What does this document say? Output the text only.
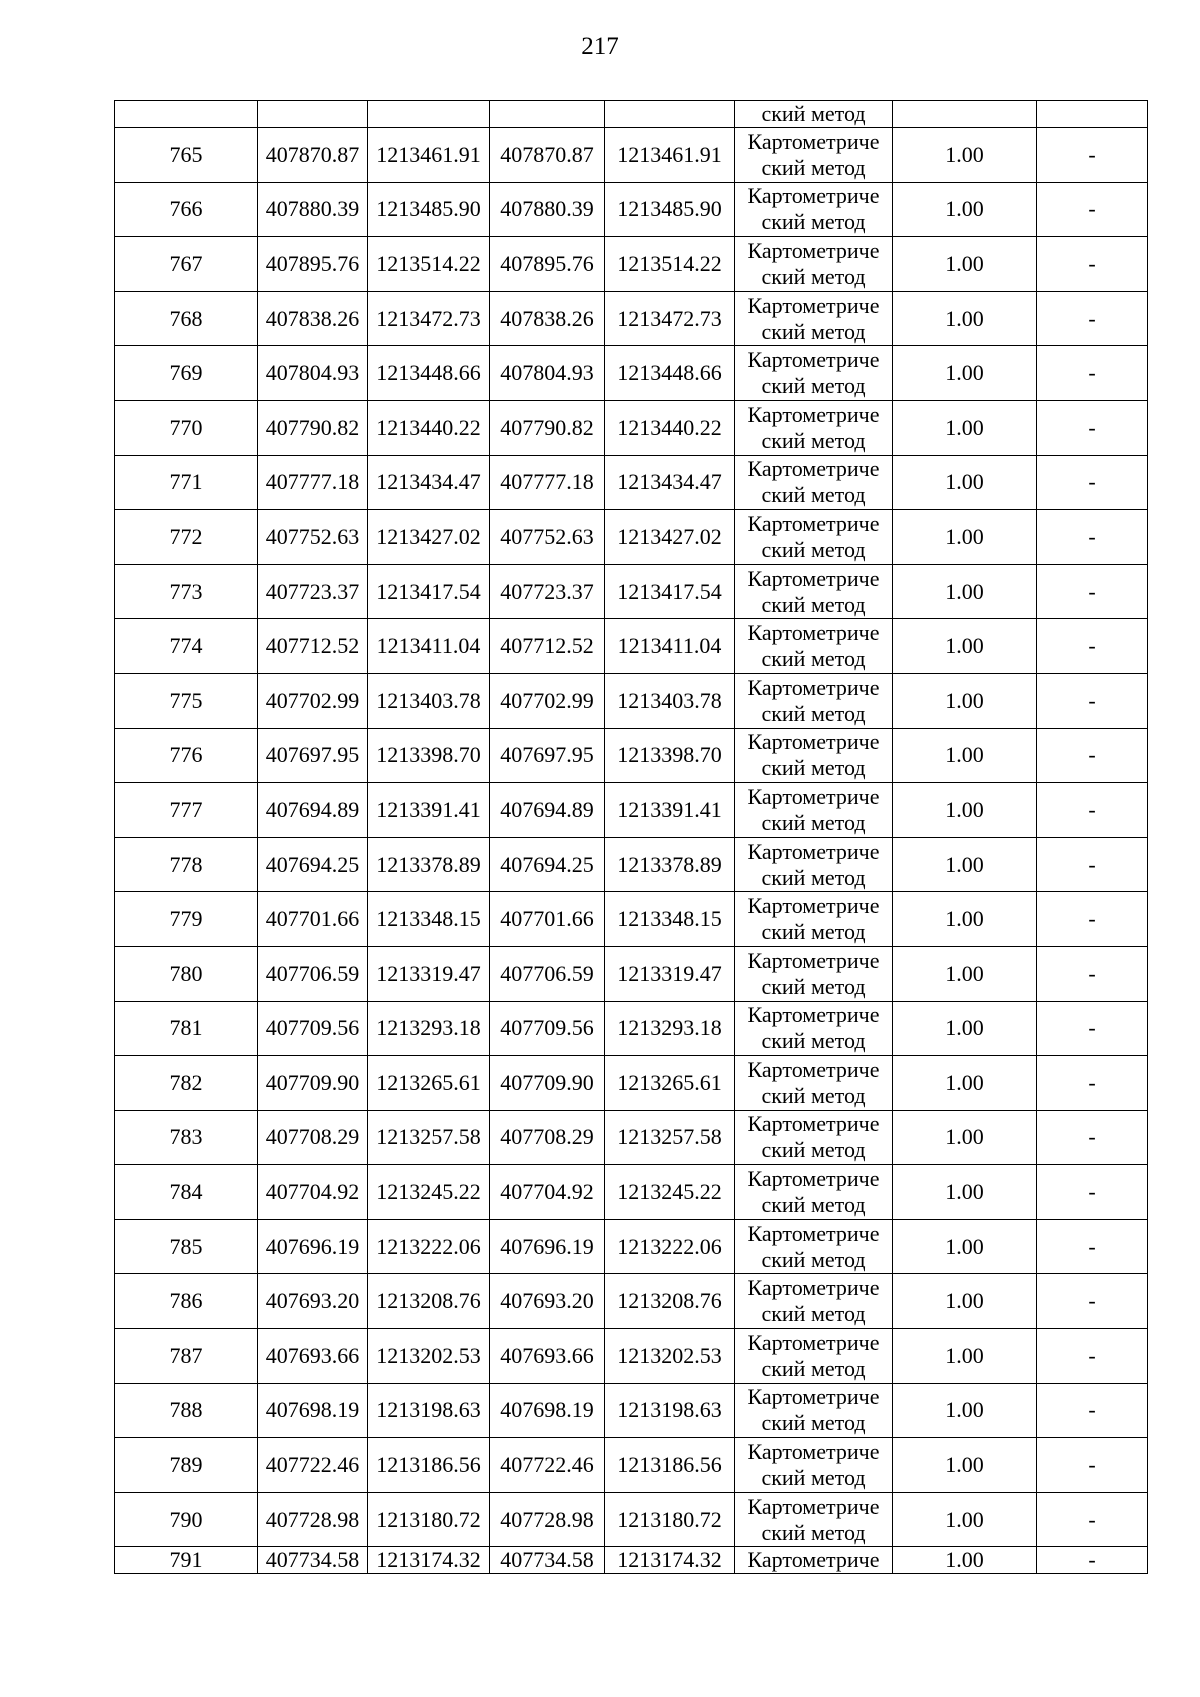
217
					ский метод		
765	407870.87	1213461.91	407870.87	1213461.91	Картометриче
ский метод	1.00	-
766	407880.39	1213485.90	407880.39	1213485.90	Картометриче
ский метод	1.00	-
767	407895.76	1213514.22	407895.76	1213514.22	Картометриче
ский метод	1.00	-
768	407838.26	1213472.73	407838.26	1213472.73	Картометриче
ский метод	1.00	-
769	407804.93	1213448.66	407804.93	1213448.66	Картометриче
ский метод	1.00	-
770	407790.82	1213440.22	407790.82	1213440.22	Картометриче
ский метод	1.00	-
771	407777.18	1213434.47	407777.18	1213434.47	Картометриче
ский метод	1.00	-
772	407752.63	1213427.02	407752.63	1213427.02	Картометриче
ский метод	1.00	-
773	407723.37	1213417.54	407723.37	1213417.54	Картометриче
ский метод	1.00	-
774	407712.52	1213411.04	407712.52	1213411.04	Картометриче
ский метод	1.00	-
775	407702.99	1213403.78	407702.99	1213403.78	Картометриче
ский метод	1.00	-
776	407697.95	1213398.70	407697.95	1213398.70	Картометриче
ский метод	1.00	-
777	407694.89	1213391.41	407694.89	1213391.41	Картометриче
ский метод	1.00	-
778	407694.25	1213378.89	407694.25	1213378.89	Картометриче
ский метод	1.00	-
779	407701.66	1213348.15	407701.66	1213348.15	Картометриче
ский метод	1.00	-
780	407706.59	1213319.47	407706.59	1213319.47	Картометриче
ский метод	1.00	-
781	407709.56	1213293.18	407709.56	1213293.18	Картометриче
ский метод	1.00	-
782	407709.90	1213265.61	407709.90	1213265.61	Картометриче
ский метод	1.00	-
783	407708.29	1213257.58	407708.29	1213257.58	Картометриче
ский метод	1.00	-
784	407704.92	1213245.22	407704.92	1213245.22	Картометриче
ский метод	1.00	-
785	407696.19	1213222.06	407696.19	1213222.06	Картометриче
ский метод	1.00	-
786	407693.20	1213208.76	407693.20	1213208.76	Картометриче
ский метод	1.00	-
787	407693.66	1213202.53	407693.66	1213202.53	Картометриче
ский метод	1.00	-
788	407698.19	1213198.63	407698.19	1213198.63	Картометриче
ский метод	1.00	-
789	407722.46	1213186.56	407722.46	1213186.56	Картометриче
ский метод	1.00	-
790	407728.98	1213180.72	407728.98	1213180.72	Картометриче
ский метод	1.00	-
791	407734.58	1213174.32	407734.58	1213174.32	Картометриче	1.00	-
